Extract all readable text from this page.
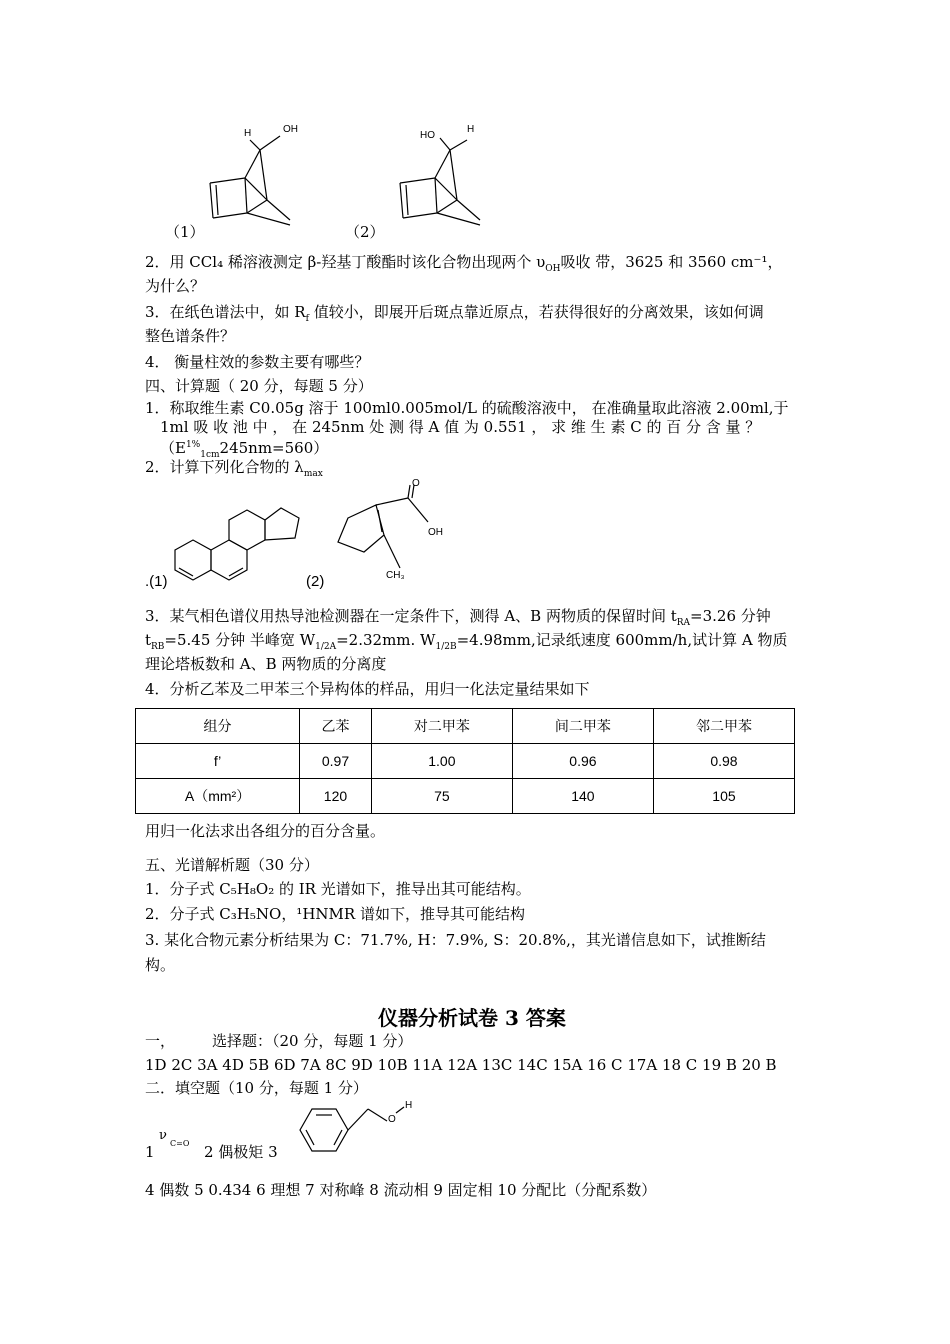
OH
H
（1）
HO
H
（2）
2．用 CCl₄ 稀溶液测定 β-羟基丁酸酯时该化合物出现两个 $\upsilon_{OH}$吸收 带，3625 和 3560 cm⁻¹，
为什么？
3．在纸色谱法中，如 $R_f$ 值较小，即展开后斑点靠近原点，若获得很好的分离效果，该如何调
整色谱条件？
4． 衡量柱效的参数主要有哪些？
四、计算题（ 20 分，每题 5 分）
1．称取维生素 C0.05g 溶于 100ml0.005mol/L 的硫酸溶液中， 在准确量取此溶液 2.00ml,于
1ml 吸 收 池 中 ， 在 245nm 处 测 得 A 值 为 0.551 ， 求 维 生 素 C 的 百 分 含 量 ？
$(E^{1\%}_{1cm}245nm=560)$
2．计算下列化合物的 $\lambda_{max}$
.(1)
O
OH
CH₃
(2)
3．某气相色谱仪用热导池检测器在一定条件下，测得 A、B 两物质的保留时间 $t_{RA}=3.26$ 分钟
$t_{RB}=5.45$ 分钟 半峰宽 $W_{1/2A}=2.32mm$. $W_{1/2B}=4.98mm$,记录纸速度 600mm/h,试计算 A 物质
理论塔板数和 A、B 两物质的分离度
4．分析乙苯及二甲苯三个异构体的样品，用归一化法定量结果如下
组分	乙苯	对二甲苯	间二甲苯	邻二甲苯
f’	0.97	1.00	0.96	0.98
A（mm²）	120	75	140	105
用归一化法求出各组分的百分含量。
五、光谱解析题（30 分）
1．分子式 C₅H₈O₂ 的 IR 光谱如下，推导出其可能结构。
2．分子式 C₃H₅NO，¹HNMR 谱如下，推导其可能结构
3. 某化合物元素分析结果为 C：71.7%, H：7.9%, S：20.8%,，其光谱信息如下，试推断结
构。
仪器分析试卷 3 答案
一， 选择题：（20 分，每题 1 分）
1D 2C 3A 4D 5B 6D 7A 8C 9D 10B 11A 12A 13C 14C 15A 16 C 17A 18 C 19 B 20 B
二．填空题（10 分，每题 1 分）
1
ν
C=O 2 偶极矩 3
O
H
4 偶数 5 0.434 6 理想 7 对称峰 8 流动相 9 固定相 10 分配比（分配系数）
